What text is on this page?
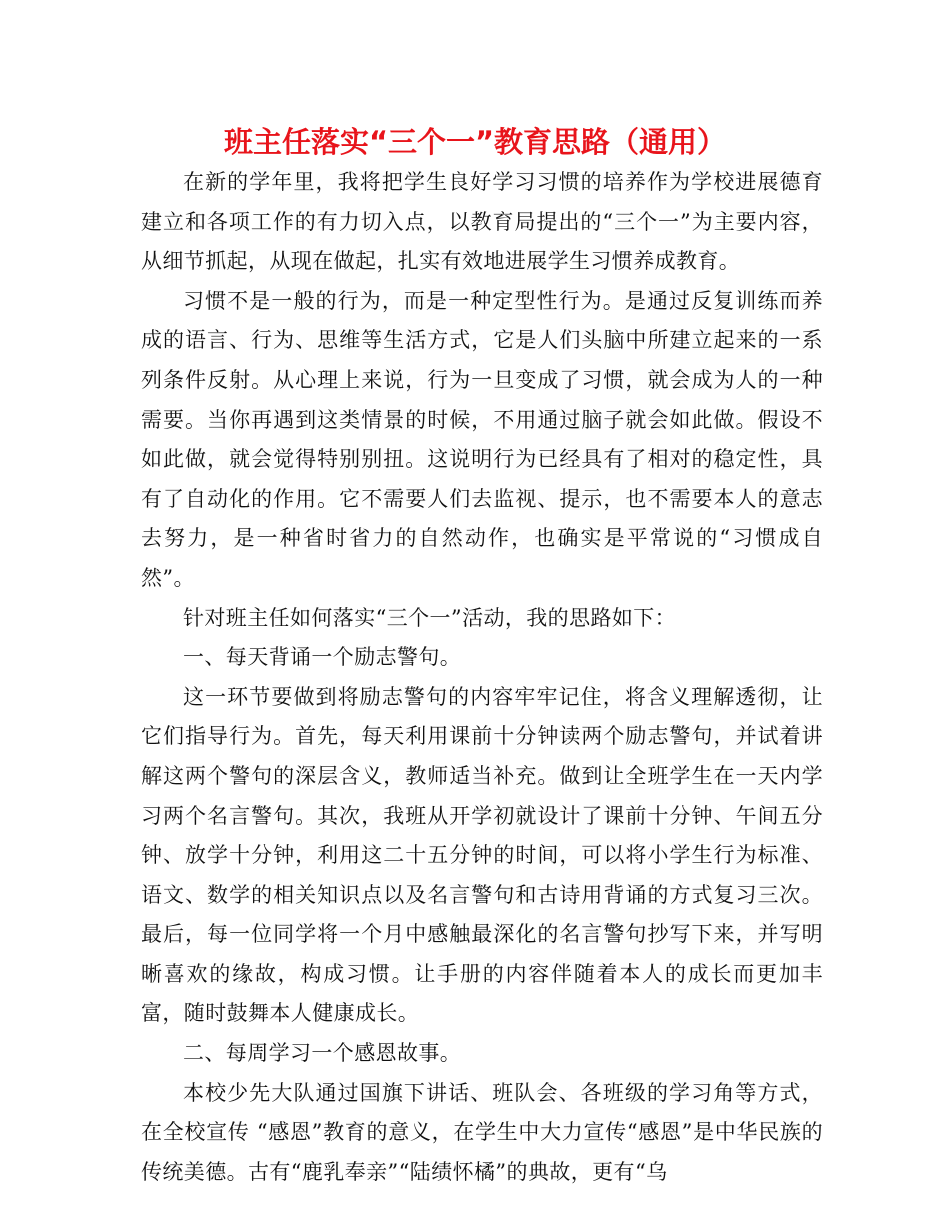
班主任落实“三个一”教育思路（通用）

在新的学年里，我将把学生良好学习习惯的培养作为学校进展德育建立和各项工作的有力切入点，以教育局提出的“三个一”为主要内容，从细节抓起，从现在做起，扎实有效地进展学生习惯养成教育。

习惯不是一般的行为，而是一种定型性行为。是通过反复训练而养成的语言、行为、思维等生活方式，它是人们头脑中所建立起来的一系列条件反射。从心理上来说，行为一旦变成了习惯，就会成为人的一种需要。当你再遇到这类情景的时候，不用通过脑子就会如此做。假设不如此做，就会觉得特别别扭。这说明行为已经具有了相对的稳定性，具有了自动化的作用。它不需要人们去监视、提示，也不需要本人的意志去努力，是一种省时省力的自然动作，也确实是平常说的“习惯成自然”。

针对班主任如何落实“三个一”活动，我的思路如下：

一、每天背诵一个励志警句。

这一环节要做到将励志警句的内容牢牢记住，将含义理解透彻，让它们指导行为。首先，每天利用课前十分钟读两个励志警句，并试着讲解这两个警句的深层含义，教师适当补充。做到让全班学生在一天内学习两个名言警句。其次，我班从开学初就设计了课前十分钟、午间五分钟、放学十分钟，利用这二十五分钟的时间，可以将小学生行为标准、语文、数学的相关知识点以及名言警句和古诗用背诵的方式复习三次。最后，每一位同学将一个月中感触最深化的名言警句抄写下来，并写明晰喜欢的缘故，构成习惯。让手册的内容伴随着本人的成长而更加丰富，随时鼓舞本人健康成长。

二、每周学习一个感恩故事。

本校少先大队通过国旗下讲话、班队会、各班级的学习角等方式，在全校宣传 “感恩”教育的意义，在学生中大力宣传“感恩”是中华民族的传统美德。古有“鹿乳奉亲”“陆绩怀橘”的典故，更有“乌
